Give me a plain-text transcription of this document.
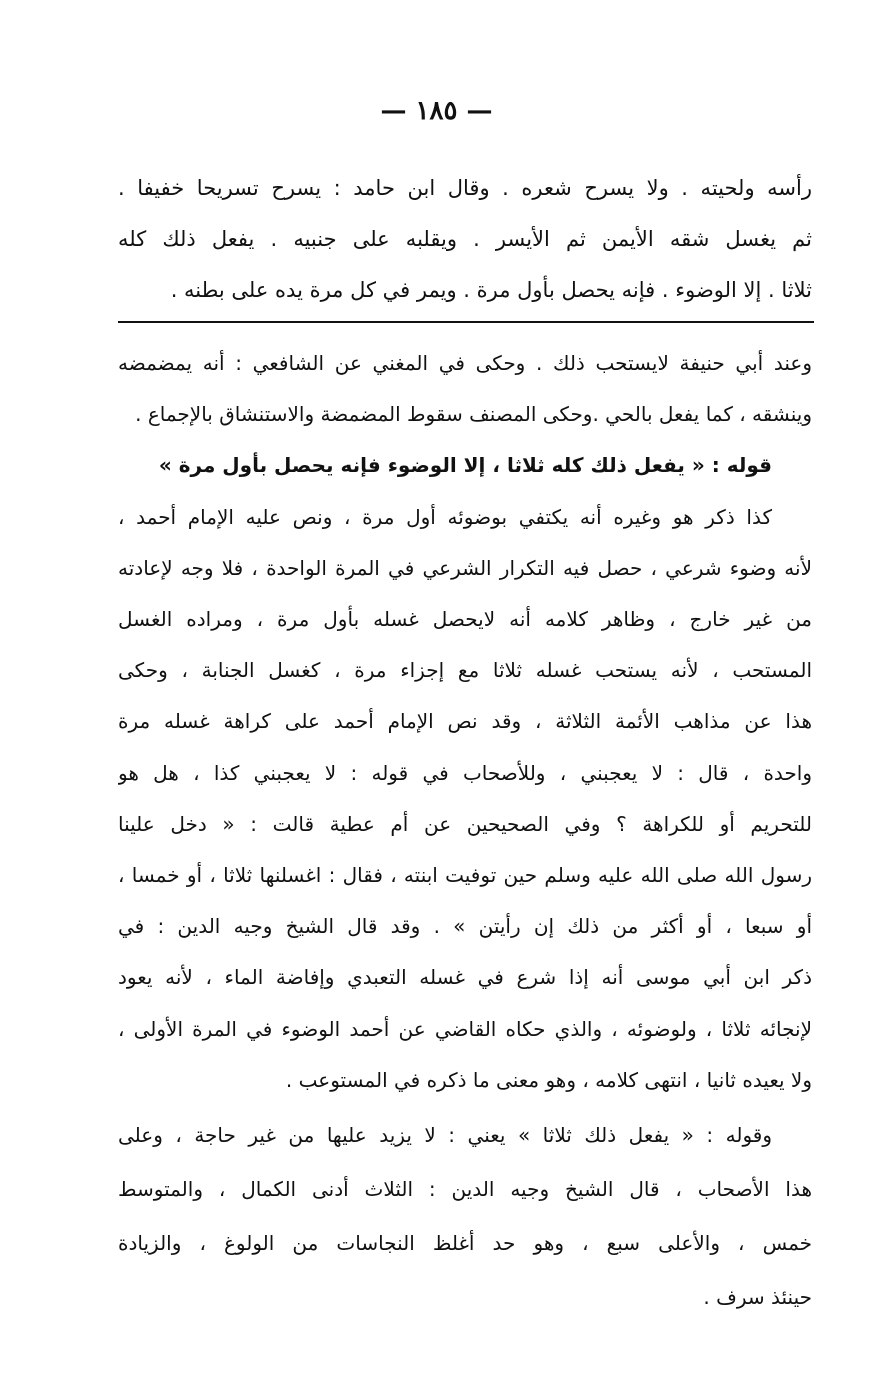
— ١٨٥ —
رأسه ولحيته . ولا يسرح شعره . وقال ابن حامد : يسرح تسريحا خفيفا .
ثم يغسل شقه الأيمن ثم الأيسر . ويقلبه على جنبيه . يفعل ذلك كله
ثلاثا . إلا الوضوء . فإنه يحصل بأول مرة . ويمر في كل مرة يده على بطنه .
وعند أبي حنيفة لايستحب ذلك . وحكى في المغني عن الشافعي : أنه يمضمضه
وينشقه ، كما يفعل بالحي .وحكى المصنف سقوط المضمضة والاستنشاق بالإجماع .
قوله : « يفعل ذلك كله ثلاثا ، إلا الوضوء فإنه يحصل بأول مرة »
كذا ذكر هو وغيره أنه يكتفي بوضوئه أول مرة ، ونص عليه الإمام أحمد ،
لأنه وضوء شرعي ، حصل فيه التكرار الشرعي في المرة الواحدة ، فلا وجه لإعادته
من غير خارج ، وظاهر كلامه أنه لايحصل غسله بأول مرة ، ومراده الغسل
المستحب ، لأنه يستحب غسله ثلاثا مع إجزاء مرة ، كغسل الجنابة ، وحكى
هذا عن مذاهب الأئمة الثلاثة ، وقد نص الإمام أحمد على كراهة غسله مرة
واحدة ، قال : لا يعجبني ، وللأصحاب في قوله : لا يعجبني كذا ، هل هو
للتحريم أو للكراهة ؟ وفي الصحيحين عن أم عطية قالت : « دخل علينا
رسول الله صلى الله عليه وسلم حين توفيت ابنته ، فقال : اغسلنها ثلاثا ، أو خمسا ،
أو سبعا ، أو أكثر من ذلك إن رأيتن » . وقد قال الشيخ وجيه الدين : في
ذكر ابن أبي موسى أنه إذا شرع في غسله التعبدي وإفاضة الماء ، لأنه يعود
لإنجائه ثلاثا ، ولوضوئه ، والذي حكاه القاضي عن أحمد الوضوء في المرة الأولى ،
ولا يعيده ثانيا ، انتهى كلامه ، وهو معنى ما ذكره في المستوعب .
وقوله : « يفعل ذلك ثلاثا » يعني : لا يزيد عليها من غير حاجة ، وعلى
هذا الأصحاب ، قال الشيخ وجيه الدين : الثلاث أدنى الكمال ، والمتوسط
خمس ، والأعلى سبع ، وهو حد أغلظ النجاسات من الولوغ ، والزيادة
حينئذ سرف .
